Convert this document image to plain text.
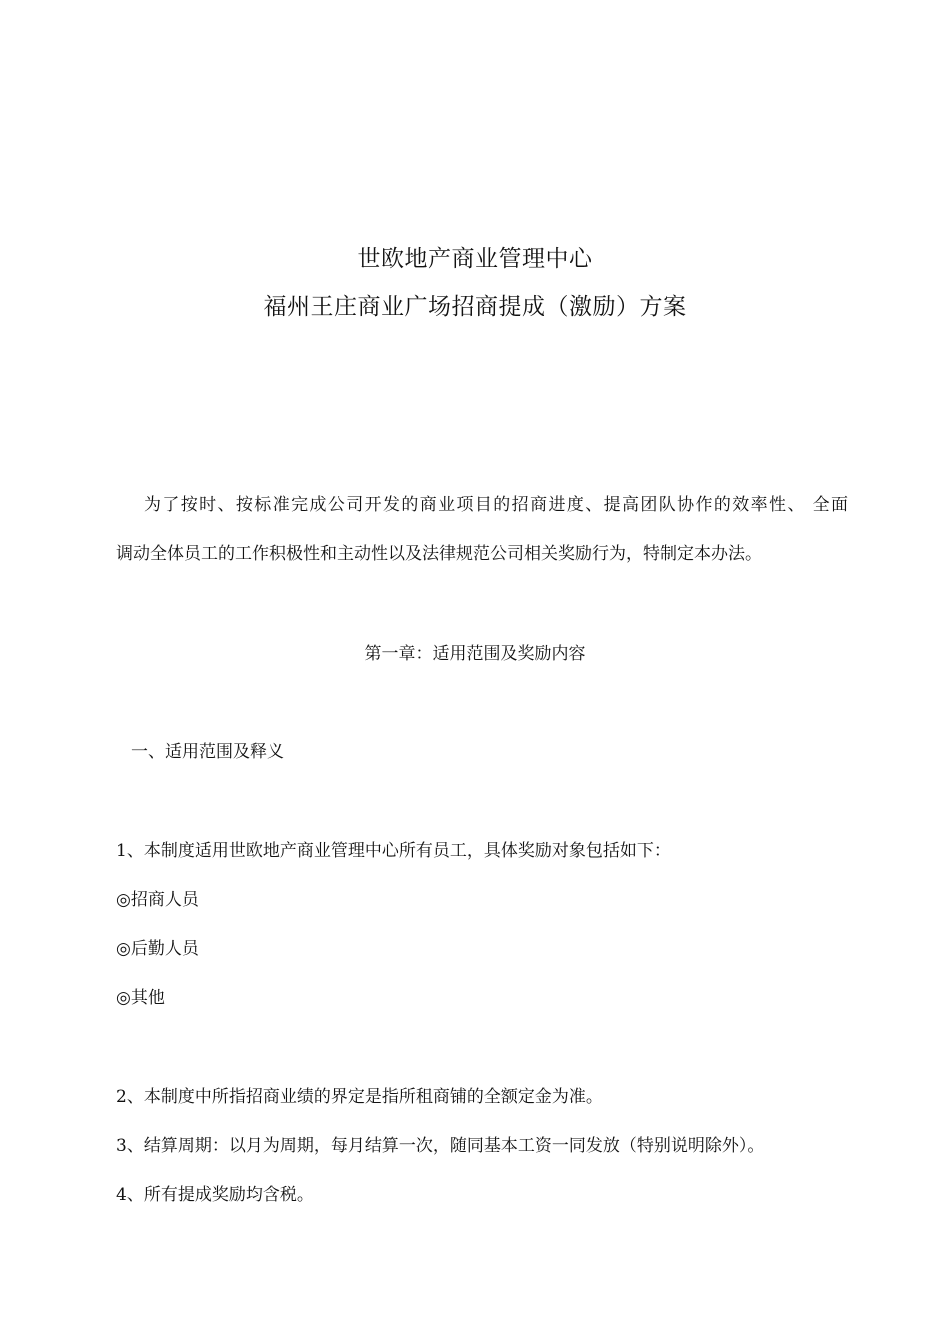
世欧地产商业管理中心
福州王庄商业广场招商提成（激励）方案
为了按时、按标准完成公司开发的商业项目的招商进度、提高团队协作的效率性、 全面
调动全体员工的工作积极性和主动性以及法律规范公司相关奖励行为，特制定本办法。
第一章：适用范围及奖励内容
一、适用范围及释义
1、本制度适用世欧地产商业管理中心所有员工，具体奖励对象包括如下：
◎招商人员
◎后勤人员
◎其他
2、本制度中所指招商业绩的界定是指所租商铺的全额定金为准。
3、结算周期：以月为周期，每月结算一次，随同基本工资一同发放（特别说明除外）。
4、所有提成奖励均含税。
